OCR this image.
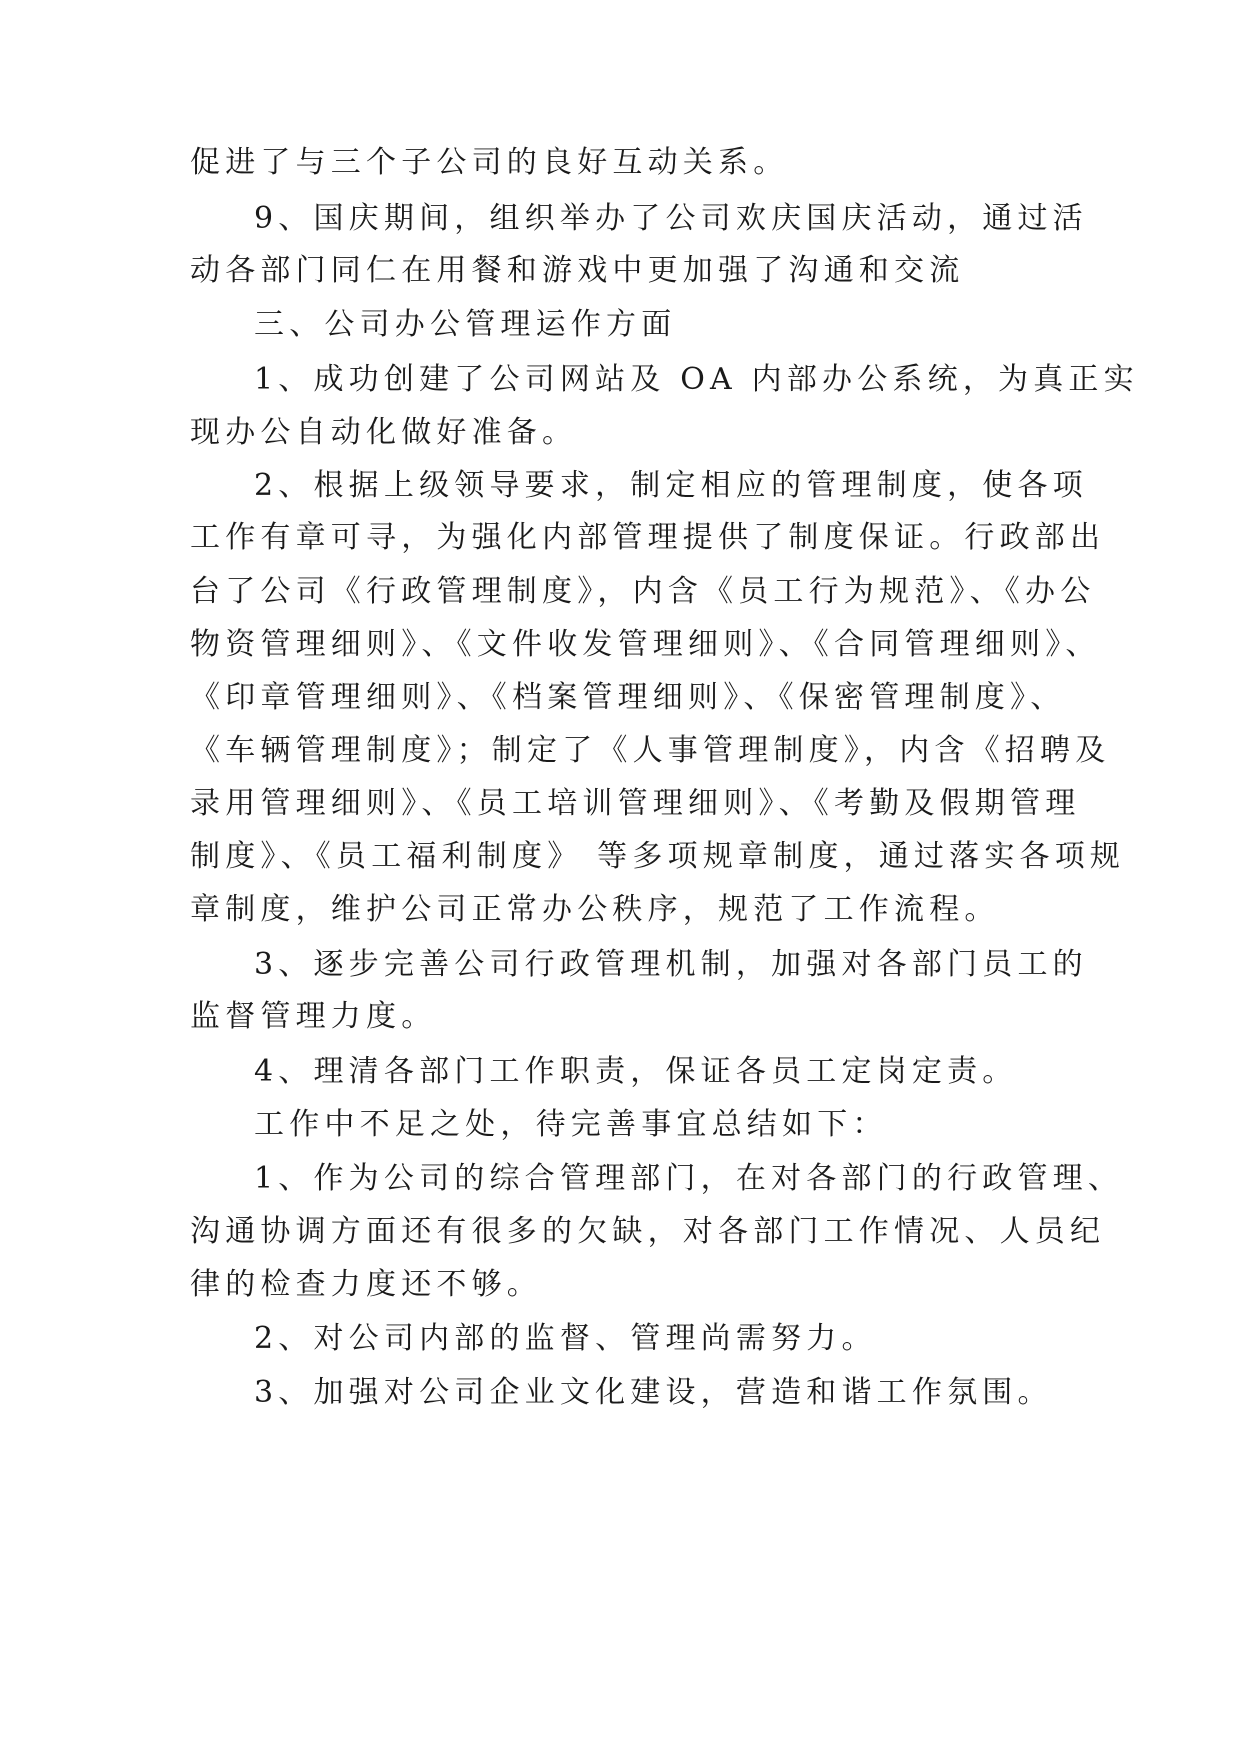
促进了与三个子公司的良好互动关系。
9、国庆期间，组织举办了公司欢庆国庆活动，通过活
动各部门同仁在用餐和游戏中更加强了沟通和交流
三、公司办公管理运作方面
1、成功创建了公司网站及 OA 内部办公系统，为真正实
现办公自动化做好准备。
2、根据上级领导要求，制定相应的管理制度，使各项
工作有章可寻，为强化内部管理提供了制度保证。行政部出
台了公司《行政管理制度》，内含《员工行为规范》、《办公
物资管理细则》、《文件收发管理细则》、《合同管理细则》、
《印章管理细则》、《档案管理细则》、《保密管理制度》、
《车辆管理制度》；制定了《人事管理制度》，内含《招聘及
录用管理细则》、《员工培训管理细则》、《考勤及假期管理
制度》、《员工福利制度》 等多项规章制度，通过落实各项规
章制度，维护公司正常办公秩序，规范了工作流程。
3、逐步完善公司行政管理机制，加强对各部门员工的
监督管理力度。
4、理清各部门工作职责，保证各员工定岗定责。
工作中不足之处，待完善事宜总结如下：
1、作为公司的综合管理部门，在对各部门的行政管理、
沟通协调方面还有很多的欠缺，对各部门工作情况、人员纪
律的检查力度还不够。
2、对公司内部的监督、管理尚需努力。
3、加强对公司企业文化建设，营造和谐工作氛围。
